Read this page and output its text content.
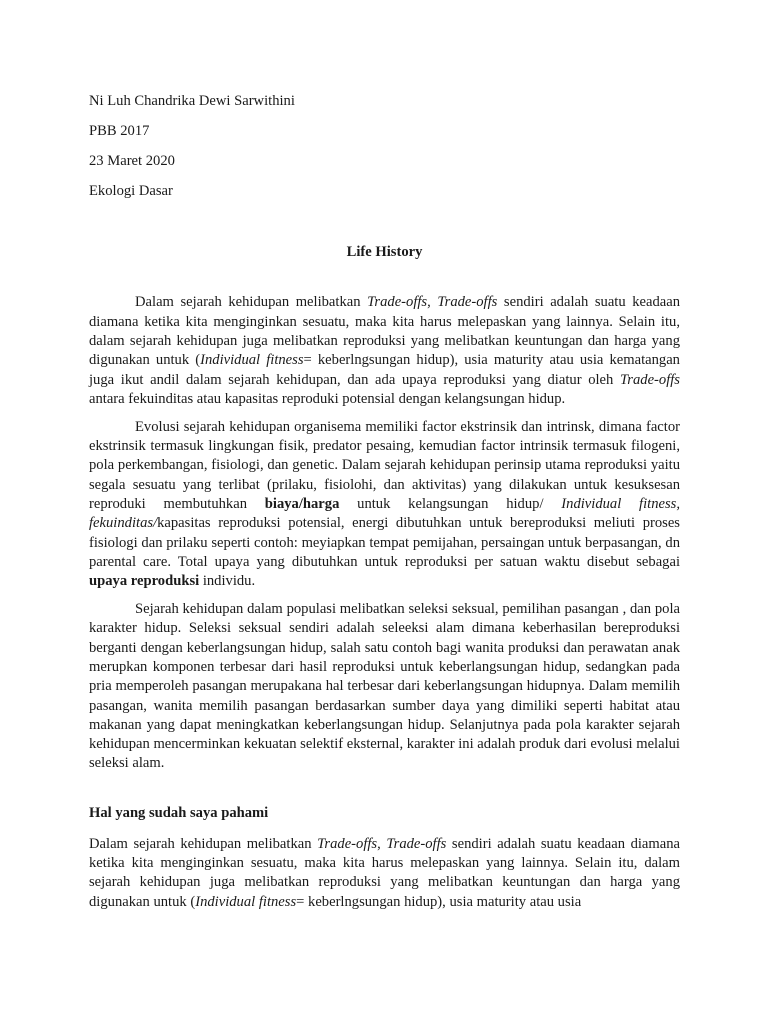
Ni Luh Chandrika Dewi Sarwithini
PBB 2017
23 Maret 2020
Ekologi Dasar
Life History

Dalam sejarah kehidupan melibatkan Trade-offs, Trade-offs sendiri adalah suatu keadaan diamana ketika kita menginginkan sesuatu, maka kita harus melepaskan yang lainnya. Selain itu, dalam sejarah kehidupan juga melibatkan reproduksi yang melibatkan keuntungan dan harga yang digunakan untuk (Individual fitness= keberlngsungan hidup), usia maturity atau usia kematangan juga ikut andil dalam sejarah kehidupan, dan ada upaya reproduksi yang diatur oleh Trade-offs antara fekuinditas atau kapasitas reproduki potensial dengan kelangsungan hidup.

Evolusi sejarah kehidupan organisema memiliki factor ekstrinsik dan intrinsk, dimana factor ekstrinsik termasuk lingkungan fisik, predator pesaing, kemudian factor intrinsik termasuk filogeni, pola perkembangan, fisiologi, dan genetic. Dalam sejarah kehidupan perinsip utama reproduksi yaitu segala sesuatu yang terlibat (prilaku, fisiolohi, dan aktivitas) yang dilakukan untuk kesuksesan reproduki membutuhkan biaya/harga untuk kelangsungan hidup/ Individual fitness, fekuinditas/kapasitas reproduksi potensial, energi dibutuhkan untuk bereproduksi meliuti proses fisiologi dan prilaku seperti contoh: meyiapkan tempat pemijahan, persaingan untuk berpasangan, dn parental care. Total upaya yang dibutuhkan untuk reproduksi per satuan waktu disebut sebagai upaya reproduksi individu.

Sejarah kehidupan dalam populasi melibatkan seleksi seksual, pemilihan pasangan , dan pola karakter hidup. Seleksi seksual sendiri adalah seleeksi alam dimana keberhasilan bereproduksi berganti dengan keberlangsungan hidup, salah satu contoh bagi wanita produksi dan perawatan anak merupkan komponen terbesar dari hasil reproduksi untuk keberlangsungan hidup, sedangkan pada pria memperoleh pasangan merupakana hal terbesar dari keberlangsungan hidupnya. Dalam memilih pasangan, wanita memilih pasangan berdasarkan sumber daya yang dimiliki seperti habitat atau makanan yang dapat meningkatkan keberlangsungan hidup. Selanjutnya pada pola karakter sejarah kehidupan mencerminkan kekuatan selektif eksternal, karakter ini adalah produk dari evolusi melalui seleksi alam.

Hal yang sudah saya pahami

Dalam sejarah kehidupan melibatkan Trade-offs, Trade-offs sendiri adalah suatu keadaan diamana ketika kita menginginkan sesuatu, maka kita harus melepaskan yang lainnya. Selain itu, dalam sejarah kehidupan juga melibatkan reproduksi yang melibatkan keuntungan dan harga yang digunakan untuk (Individual fitness= keberlngsungan hidup), usia maturity atau usia
